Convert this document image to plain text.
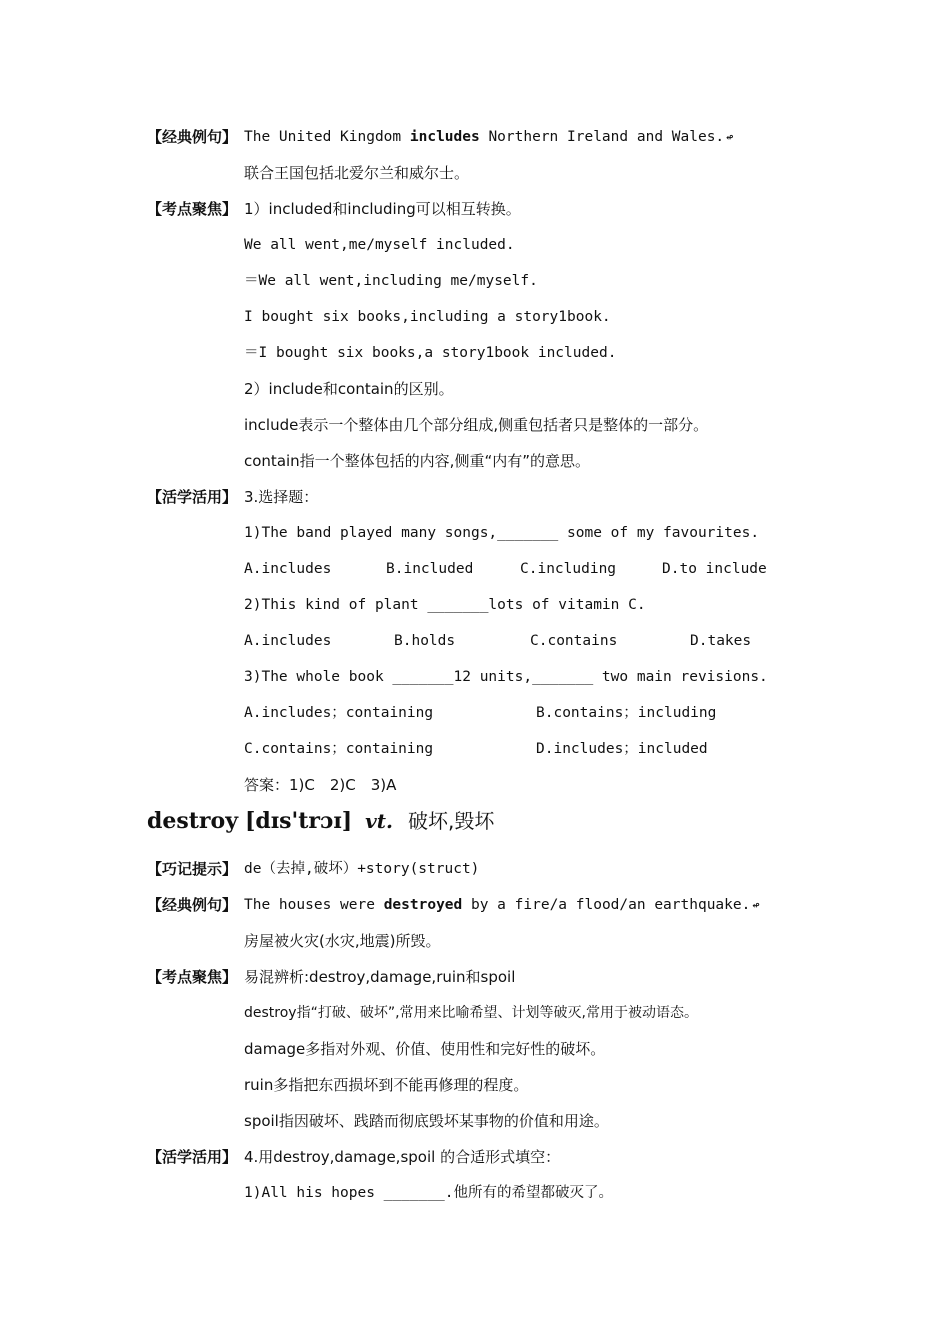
【经典例句】 The United Kingdom includes Northern Ireland and Wales. ↫
联合王国包括北爱尔兰和威尔士。
【考点聚焦】 1）included和including可以相互转换。
We all went,me/myself included.
＝We all went,including me/myself.
I bought six books,including a story1book.
＝I bought six books,a story1book included.
2）include和contain的区别。
include表示一个整体由几个部分组成,侧重包括者只是整体的一部分。
contain指一个整体包括的内容,侧重“内有”的意思。
【活学活用】 3.选择题：
1)The band played many songs,_______ some of my favourites.
A.includes	B.included	C.including	D.to include
2)This kind of plant _______lots of vitamin C.
A.includes	B.holds	C.contains	D.takes
3)The whole book _______12 units,_______ two main revisions.
A.includes；containing	B.contains；including
C.contains；containing	D.includes；included
答案：1)C　2)C　3)A
destroy [dɪs'trɔɪ] vt. 破坏,毁坏
【巧记提示】 de（去掉,破坏）+story(struct)
【经典例句】 The houses were destroyed by a fire/a flood/an earthquake. ↫
房屋被火灾(水灾,地震)所毁。
【考点聚焦】 易混辨析:destroy,damage,ruin和spoil
destroy指“打破、破坏”,常用来比喻希望、计划等破灭,常用于被动语态。
damage多指对外观、价值、使用性和完好性的破坏。
ruin多指把东西损坏到不能再修理的程度。
spoil指因破坏、践踏而彻底毁坏某事物的价值和用途。
【活学活用】 4.用destroy,damage,spoil 的合适形式填空：
1)All his hopes _______.他所有的希望都破灭了。
